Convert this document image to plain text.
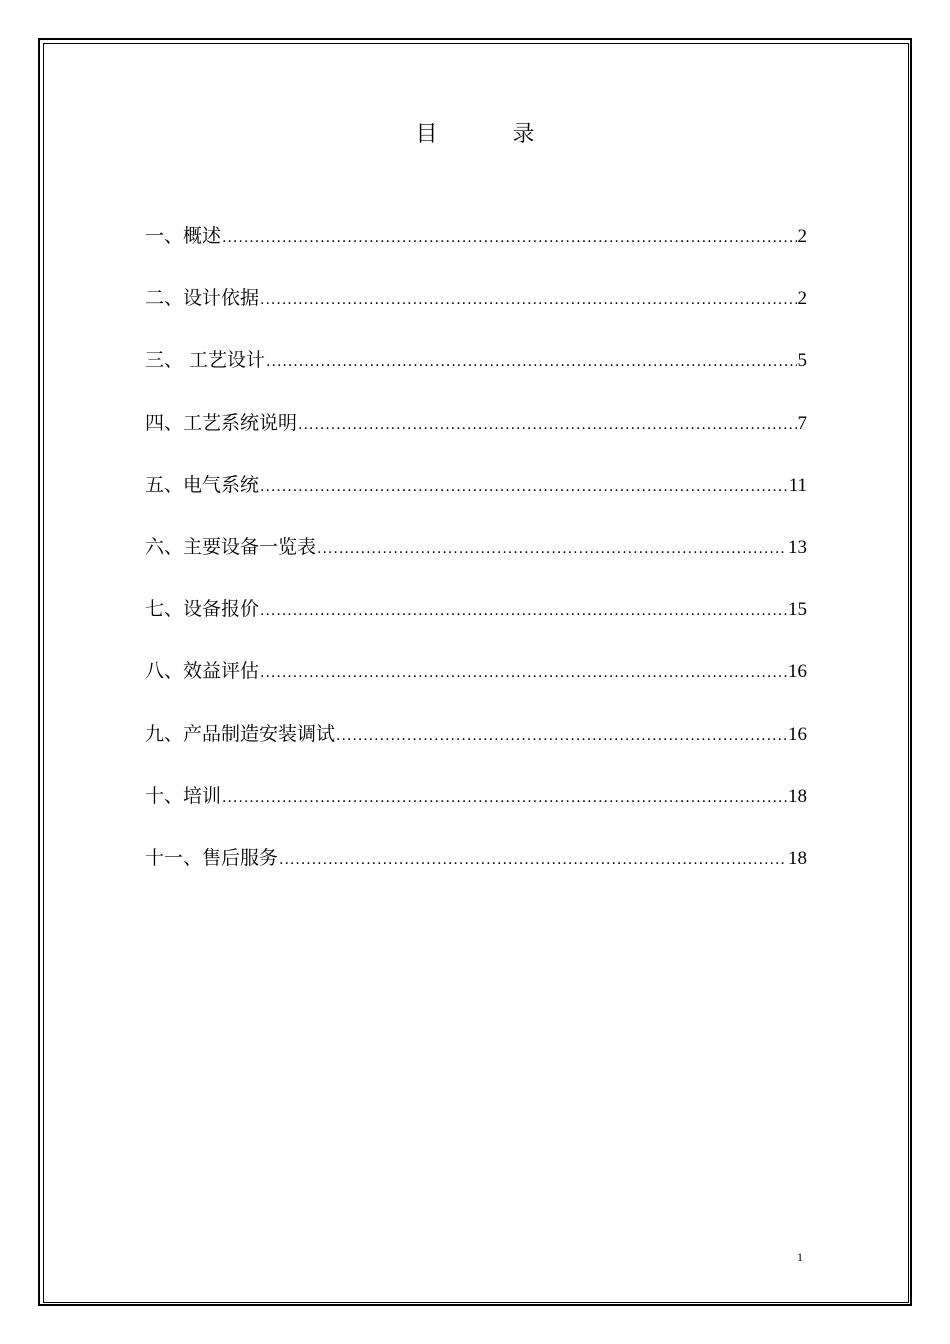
目 录
一、概述 .....	2
二、设计依据 .....	2
三、 工艺设计 .....	5
四、工艺系统说明 .....	7
五、电气系统 .....	11
六、主要设备一览表 .....	13
七、设备报价 .....	15
八、效益评估 .....	16
九、产品制造安装调试 .....	16
十、培训 .....	18
十一、售后服务 .....	18
1
